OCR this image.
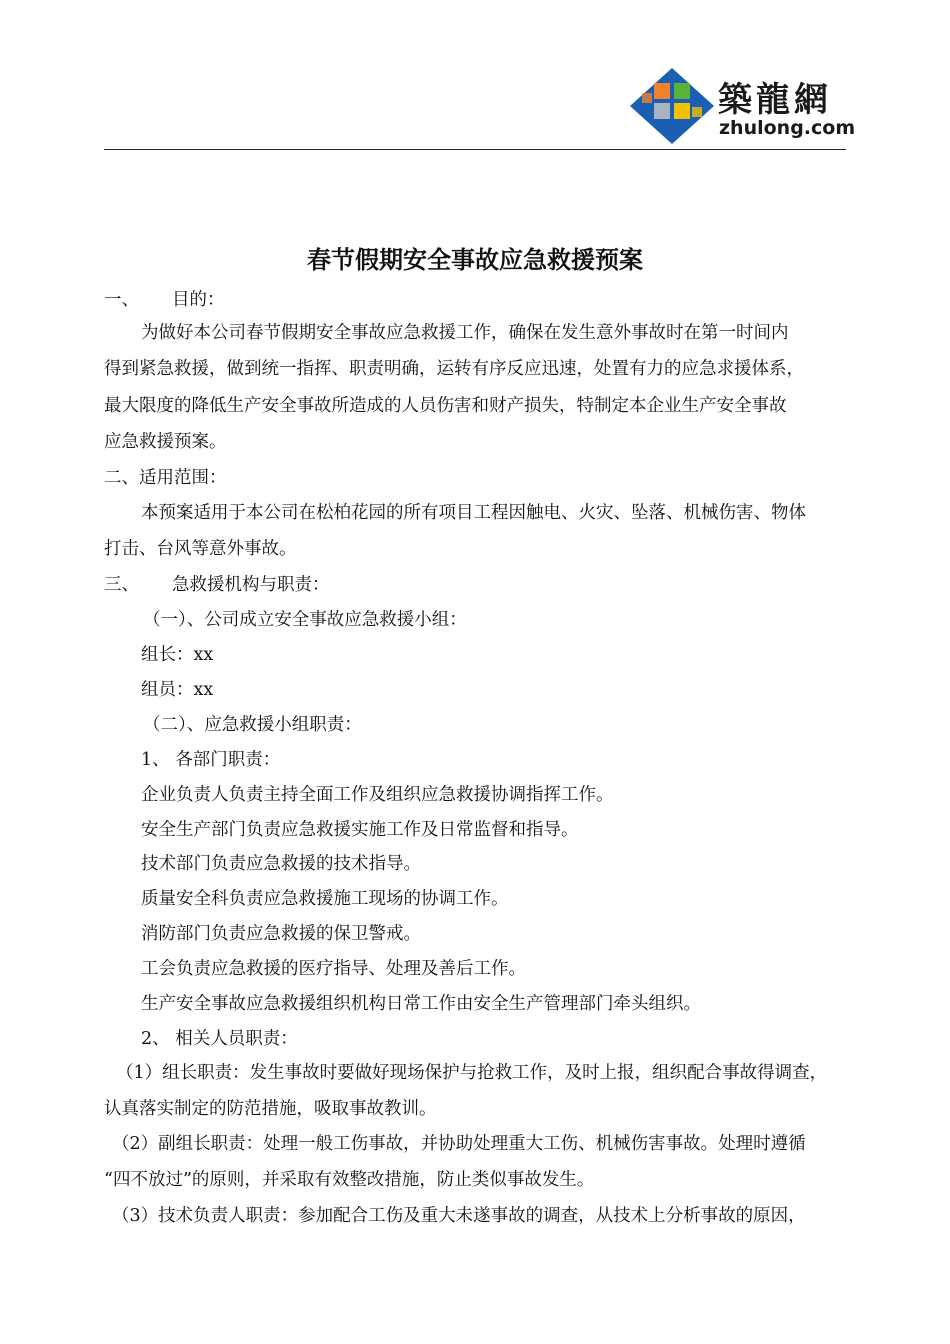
築龍網
zhulong.com
春节假期安全事故应急救援预案
一、 目的：
为做好本公司春节假期安全事故应急救援工作，确保在发生意外事故时在第一时间内
得到紧急救援，做到统一指挥、职责明确，运转有序反应迅速，处置有力的应急求援体系，
最大限度的降低生产安全事故所造成的人员伤害和财产损失，特制定本企业生产安全事故
应急救援预案。
二、适用范围：
本预案适用于本公司在松柏花园的所有项目工程因触电、火灾、坠落、机械伤害、物体
打击、台风等意外事故。
三、 急救援机构与职责：
（一）、公司成立安全事故应急救援小组：
组长：xx
组员：xx
（二）、应急救援小组职责：
1、 各部门职责：
企业负责人负责主持全面工作及组织应急救援协调指挥工作。
安全生产部门负责应急救援实施工作及日常监督和指导。
技术部门负责应急救援的技术指导。
质量安全科负责应急救援施工现场的协调工作。
消防部门负责应急救援的保卫警戒。
工会负责应急救援的医疗指导、处理及善后工作。
生产安全事故应急救援组织机构日常工作由安全生产管理部门牵头组织。
2、 相关人员职责：
（1）组长职责：发生事故时要做好现场保护与抢救工作，及时上报，组织配合事故得调查，
认真落实制定的防范措施，吸取事故教训。
（2）副组长职责：处理一般工伤事故，并协助处理重大工伤、机械伤害事故。处理时遵循
“四不放过”的原则，并采取有效整改措施，防止类似事故发生。
（3）技术负责人职责：参加配合工伤及重大未遂事故的调查，从技术上分析事故的原因，
